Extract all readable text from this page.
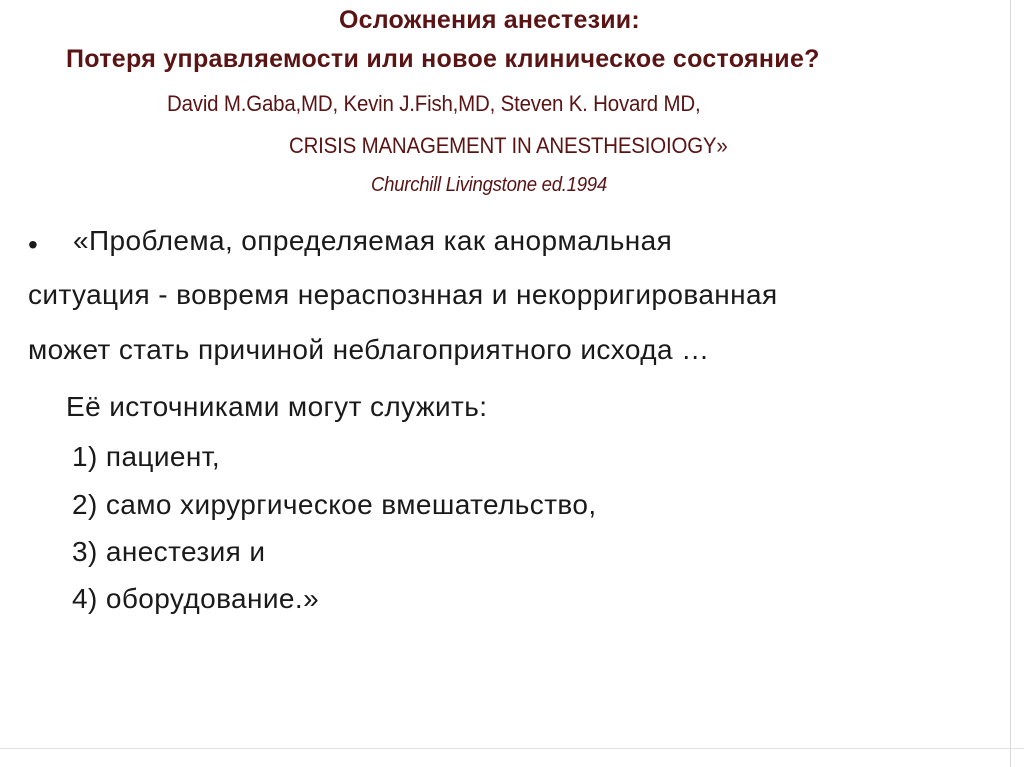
Осложнения анестезии:
Потеря управляемости или новое клиническое cостояние?
David M.Gaba,MD, Kevin J.Fish,MD, Steven K. Hovard MD,
CRISIS MANAGEMENT IN ANESTHESIOIOGY»
Churchill Livingstone ed.1994
• «Проблема, определяемая как анормальная
ситуация - вовремя нераспознная и некорригированная
может стать причиной неблагоприятного исхода …
Её источниками могут служить:
1) пациент,
2) само хирургическое вмешательство,
3) анестезия и
4) оборудование.»
